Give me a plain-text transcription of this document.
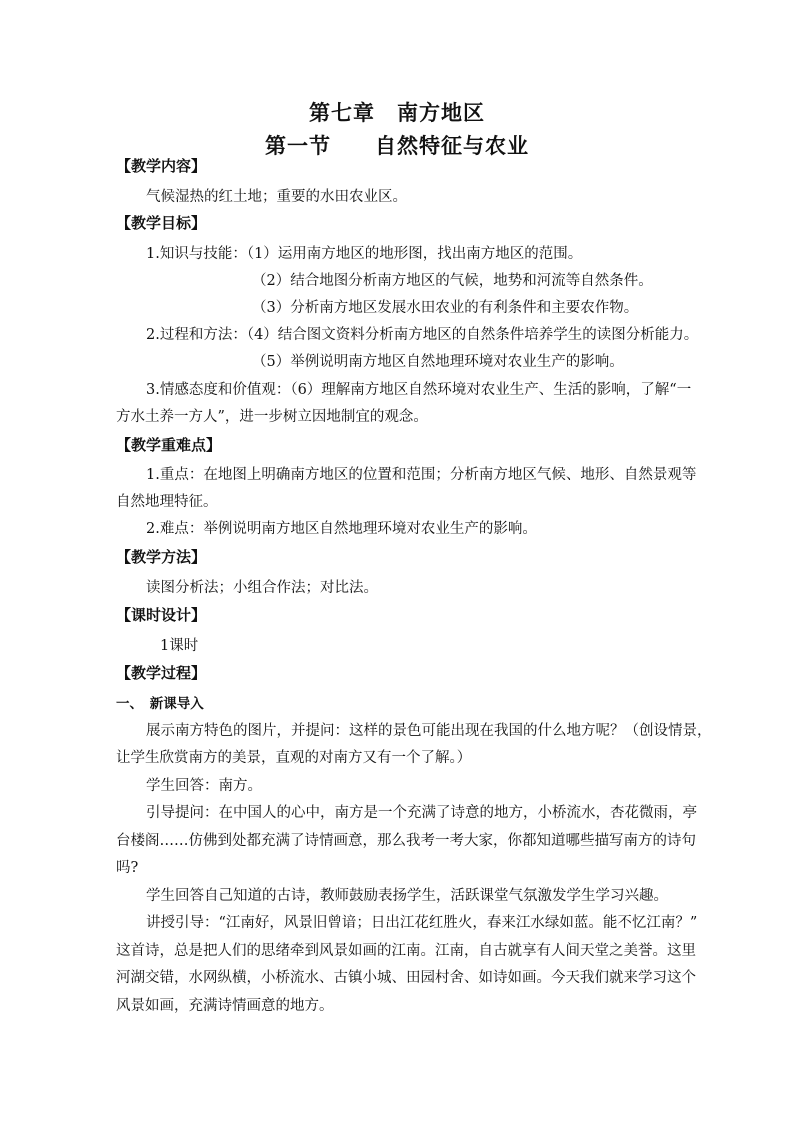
第七章　南方地区
第一节　　自然特征与农业
【教学内容】
气候湿热的红土地；重要的水田农业区。
【教学目标】
1.知识与技能：（1）运用南方地区的地形图，找出南方地区的范围。
（2）结合地图分析南方地区的气候，地势和河流等自然条件。
（3）分析南方地区发展水田农业的有利条件和主要农作物。
2.过程和方法：（4）结合图文资料分析南方地区的自然条件培养学生的读图分析能力。
（5）举例说明南方地区自然地理环境对农业生产的影响。
3.情感态度和价值观：（6）理解南方地区自然环境对农业生产、生活的影响，了解“一
方水土养一方人”，进一步树立因地制宜的观念。
【教学重难点】
1.重点：在地图上明确南方地区的位置和范围；分析南方地区气候、地形、自然景观等
自然地理特征。
2.难点：举例说明南方地区自然地理环境对农业生产的影响。
【教学方法】
读图分析法；小组合作法；对比法。
【课时设计】
1课时
【教学过程】
一、　新课导入
展示南方特色的图片，并提问：这样的景色可能出现在我国的什么地方呢？（创设情景，
让学生欣赏南方的美景，直观的对南方又有一个了解。）
学生回答：南方。
引导提问：在中国人的心中，南方是一个充满了诗意的地方，小桥流水，杏花微雨，亭
台楼阁……仿佛到处都充满了诗情画意，那么我考一考大家，你都知道哪些描写南方的诗句
吗?
学生回答自己知道的古诗，教师鼓励表扬学生，活跃课堂气氛激发学生学习兴趣。
讲授引导：“江南好，风景旧曾谙；日出江花红胜火，春来江水绿如蓝。能不忆江南？”
这首诗，总是把人们的思绪牵到风景如画的江南。江南，自古就享有人间天堂之美誉。这里
河湖交错，水网纵横，小桥流水、古镇小城、田园村舍、如诗如画。今天我们就来学习这个
风景如画，充满诗情画意的地方。
